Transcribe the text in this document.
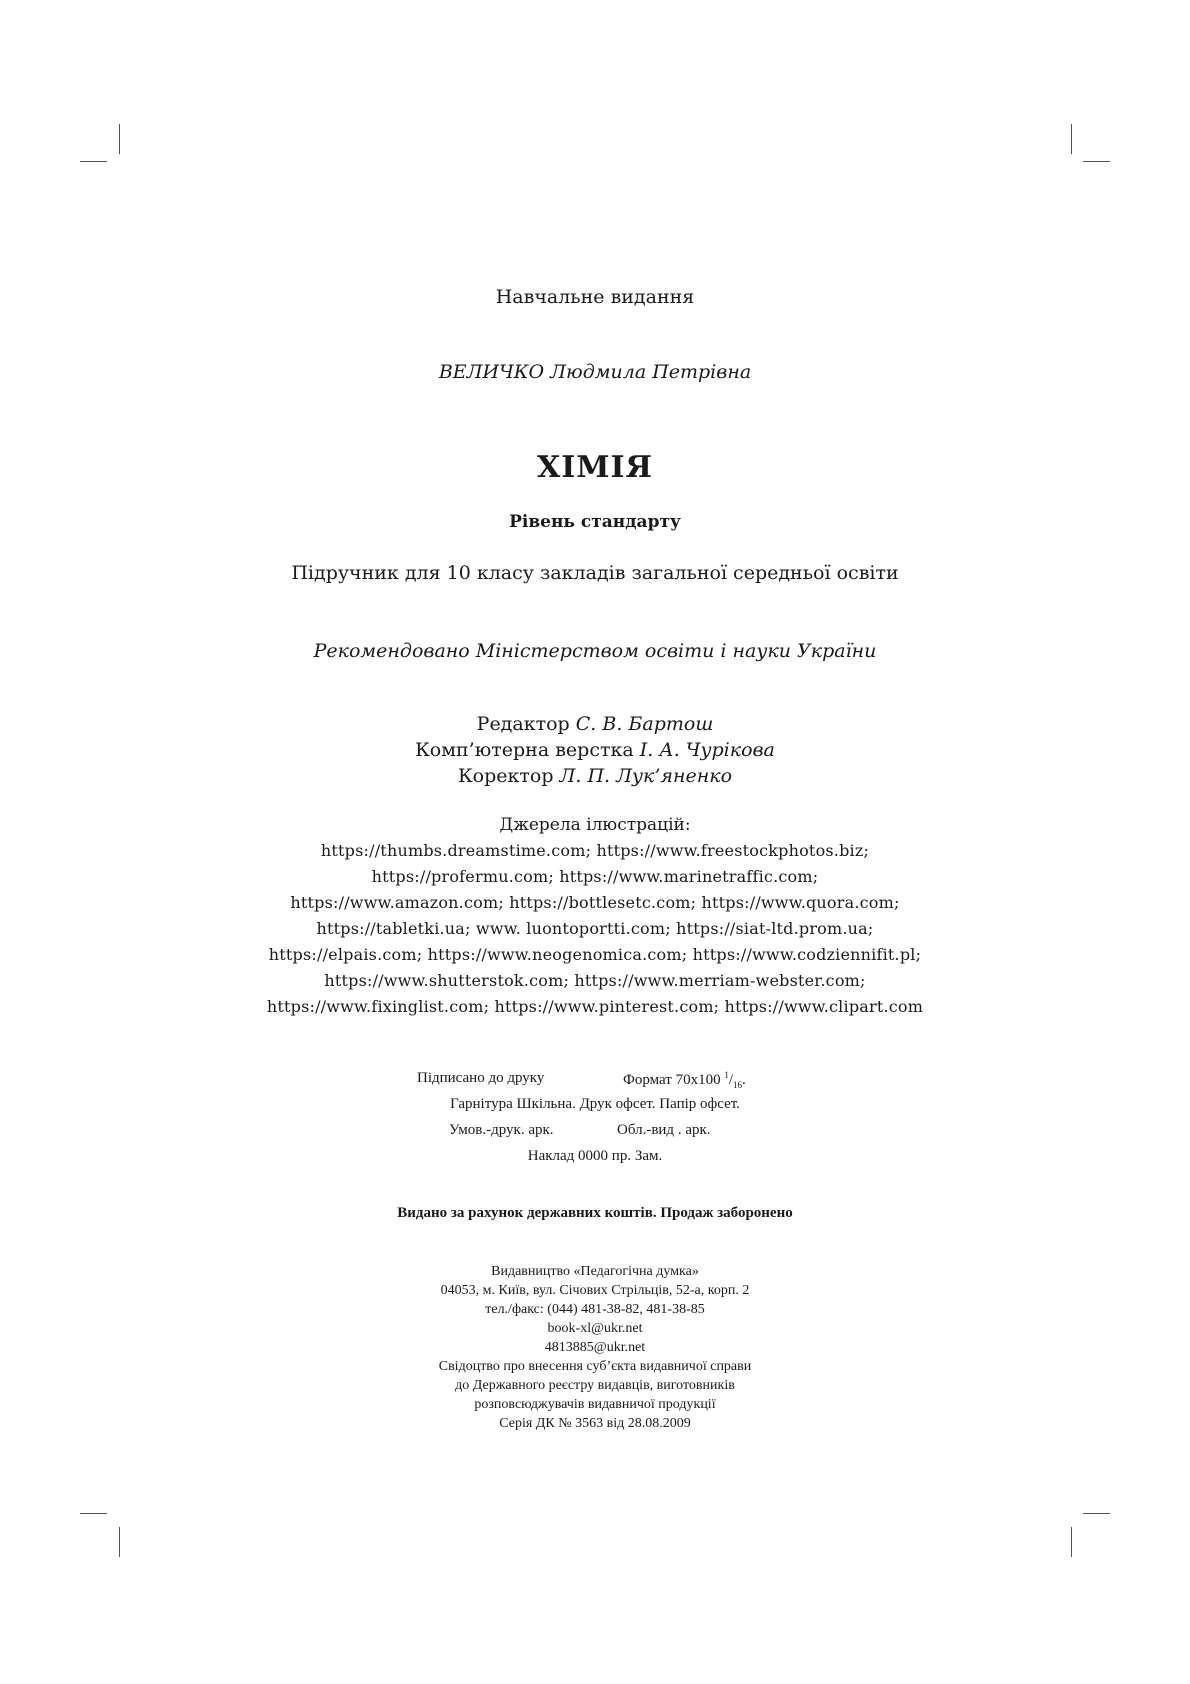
Навчальне видання
ВЕЛИЧКО Людмила Петрівна
ХІМІЯ
Рівень стандарту
Підручник для 10 класу закладів загальної середньої освіти
Рекомендовано Міністерством освіти і науки України
Редактор С. В. Бартош
Комп’ютерна верстка І. А. Чурікова
Коректор Л. П. Лук’яненко
Джерела ілюстрацій:
https://thumbs.dreamstime.com; https://www.freestockphotos.biz;
https://profermu.com; https://www.marinetraffic.com;
https://www.amazon.com; https://bottlesetc.com; https://www.quora.com;
https://tabletki.ua; www. luontoportti.com; https://siat-ltd.prom.ua;
https://elpais.com; https://www.neogenomica.com; https://www.codziennifit.pl;
https://www.shutterstok.com; https://www.merriam-webster.com;
https://www.fixinglist.com; https://www.pinterest.com; https://www.clipart.com
Підписано до друку	Формат 70х100 $^1/_{16}$.
Гарнітура Шкільна. Друк офсет. Папір офсет.
Умов.-друк. арк.	Обл.-вид . арк.
Наклад 0000 пр. Зам.
Видано за рахунок державних коштів. Продаж заборонено
Видавництво «Педагогічна думка»
04053, м. Київ, вул. Січових Стрільців, 52-а, корп. 2
тел./факс: (044) 481-38-82, 481-38-85
book-xl@ukr.net
4813885@ukr.net
Свідоцтво про внесення суб’єкта видавничої справи
до Державного реєстру видавців, виготовників
розповсюджувачів видавничої продукції
Серія ДК № 3563 від 28.08.2009
